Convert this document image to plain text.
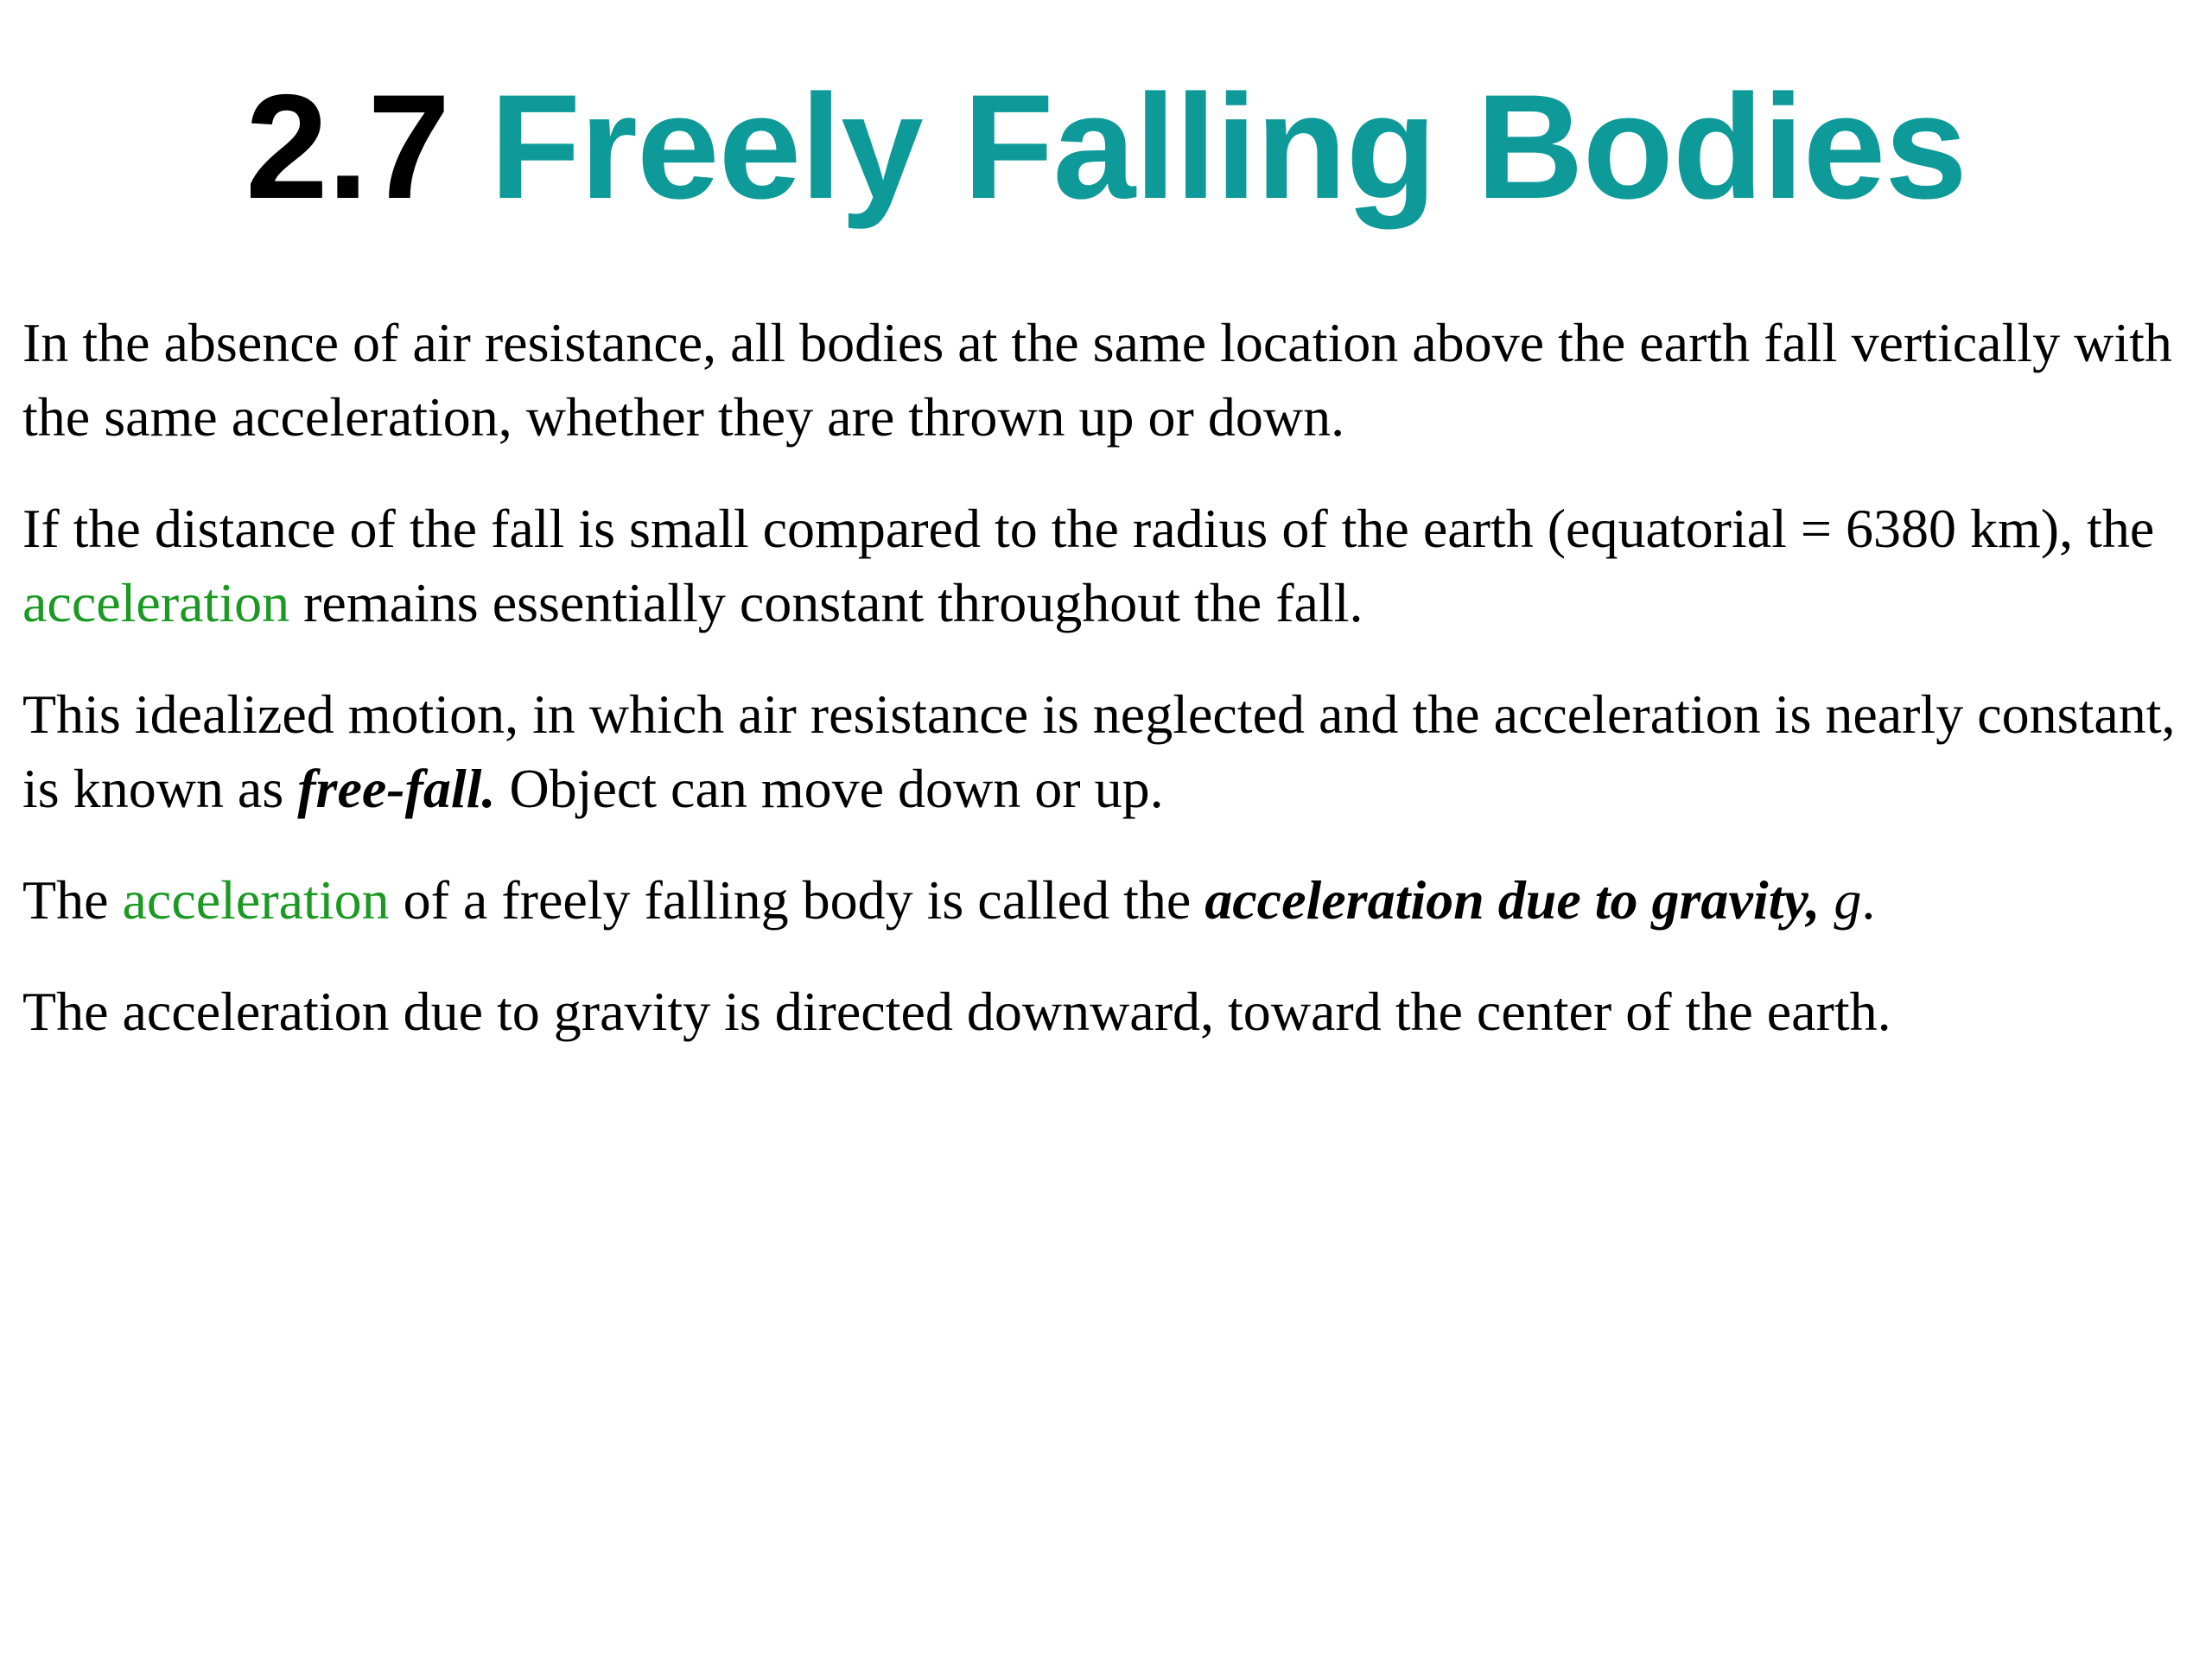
2.7 Freely Falling Bodies

In the absence of air resistance, all bodies at the same location above the earth fall vertically with the same acceleration, whether they are thrown up or down.

If the distance of the fall is small compared to the radius of the earth (equatorial = 6380 km), the acceleration remains essentially constant throughout the fall.

This idealized motion, in which air resistance is neglected and the acceleration is nearly constant, is known as free-fall. Object can move down or up.

The acceleration of a freely falling body is called the acceleration due to gravity, g.

The acceleration due to gravity is directed downward, toward the center of the earth.
